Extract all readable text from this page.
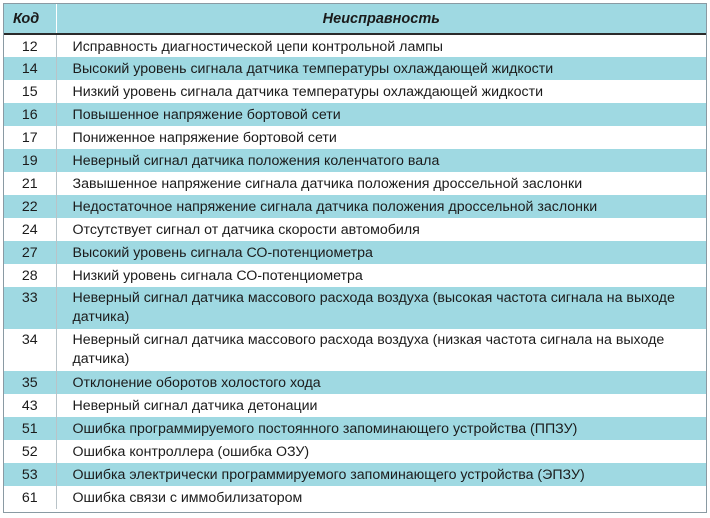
Код	Неисправность
12	Исправность диагностической цепи контрольной лампы
14	Высокий уровень сигнала датчика температуры охлаждающей жидкости
15	Низкий уровень сигнала датчика температуры охлаждающей жидкости
16	Повышенное напряжение бортовой сети
17	Пониженное напряжение бортовой сети
19	Неверный сигнал датчика положения коленчатого вала
21	Завышенное напряжение сигнала датчика положения дроссельной заслонки
22	Недостаточное напряжение сигнала датчика положения дроссельной заслонки
24	Отсутствует сигнал от датчика скорости автомобиля
27	Высокий уровень сигнала СО-потенциометра
28	Низкий уровень сигнала СО-потенциометра
33	Неверный сигнал датчика массового расхода воздуха (высокая частота сигнала на выходе датчика)
34	Неверный сигнал датчика массового расхода воздуха (низкая частота сигнала на выходе датчика)
35	Отклонение оборотов холостого хода
43	Неверный сигнал датчика детонации
51	Ошибка программируемого постоянного запоминающего устройства (ППЗУ)
52	Ошибка контроллера (ошибка ОЗУ)
53	Ошибка электрически программируемого запоминающего устройства (ЭПЗУ)
61	Ошибка связи с иммобилизатором
